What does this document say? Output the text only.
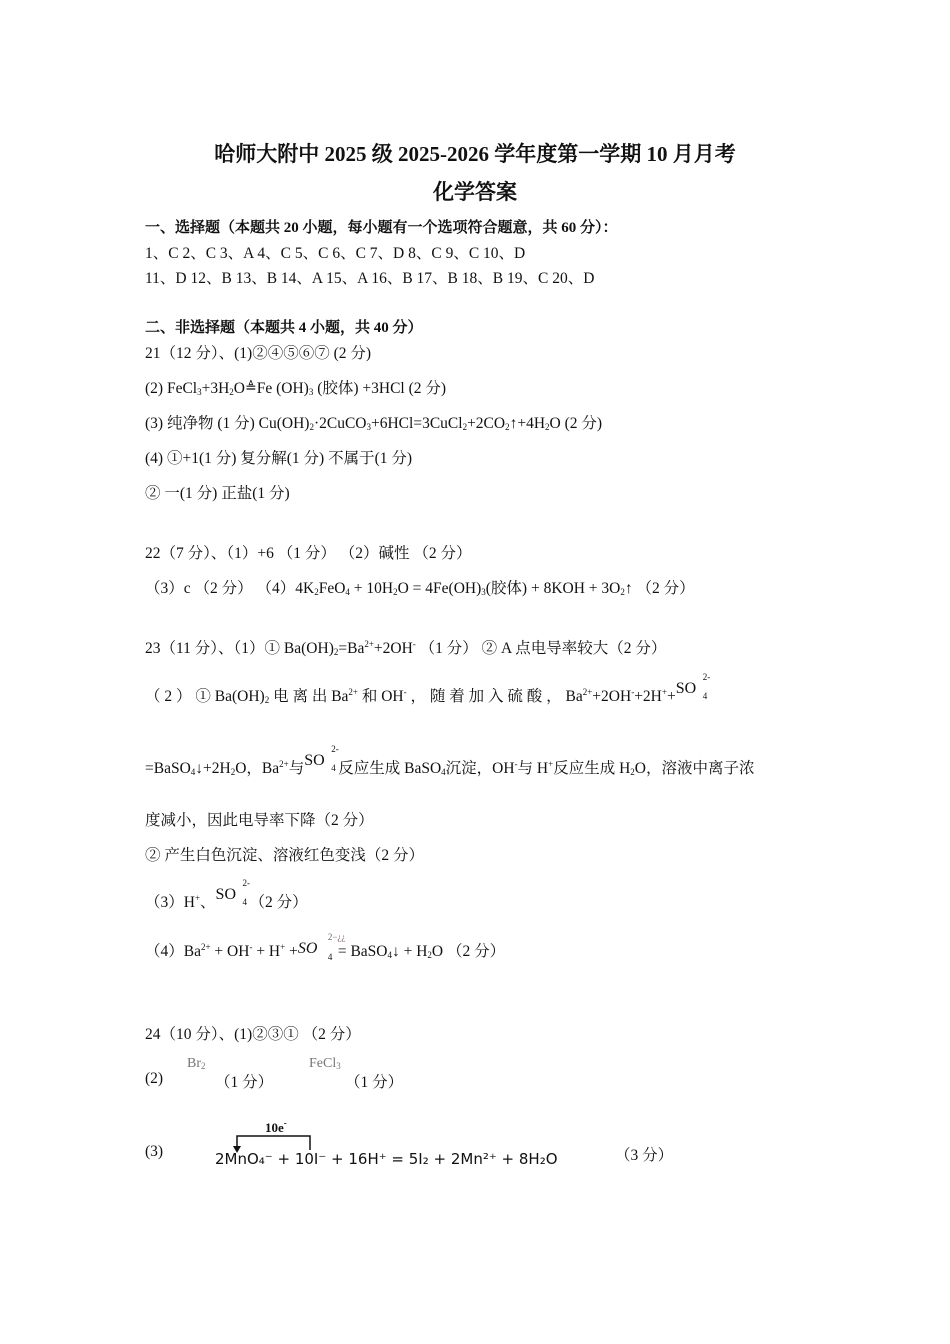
哈师大附中 2025 级 2025-2026 学年度第一学期 10 月月考
化学答案
一、选择题（本题共 20 小题，每小题有一个选项符合题意，共 60 分）：
1、C 2、C 3、A 4、C 5、C 6、C 7、D 8、C 9、C 10、D
11、D 12、B 13、B 14、A 15、A 16、B 17、B 18、B 19、C 20、D
二、非选择题（本题共 4 小题，共 40 分）
21（12 分）、(1)②④⑤⑥⑦ (2 分)
(2) $FeCl_3+3H_2O≜Fe$ $(OH)_3$ (胶体) +3HCl (2 分)
(3) 纯净物 (1 分) $Cu(OH)_2\cdot 2CuCO_3+6HCl=3CuCl_2+2CO_2↑+4H_2O$ (2 分)
(4) ①+1(1 分) 复分解(1 分) 不属于(1 分)
② 一(1 分) 正盐(1 分)
22（7 分）、（1）+6 （1 分） （2）碱性 （2 分）
（3）c （2 分） $(4)4K_2FeO_4 + 10H_2O = 4Fe(OH)_3$(胶体) + $8KOH + 3O_2↑$ （2 分）
23（11 分）、（1）① $Ba(OH)_2=Ba^{2+}+2OH^-$ （1 分） ② A 点电导率较大（2 分）
（ 2 ） ① $Ba(OH)_2$ 电 离 出 $Ba^{2+}$ 和 OH- ， 随 着 加 入 硫 酸 ， $Ba^{2+}+2OH^-+2H^++$ SO
2-
4
$=BaSO_4↓+2H_2O$，$Ba^{2+}$与 SO
2-
4 反应生成 BaSO$_4$沉淀，OH-与 H+反应生成 $H_2O$，溶液中离子浓
度减小，因此电导率下降（2 分）
② 产生白色沉淀、溶液红色变浅（2 分）
（3）H+、 SO
2-
4 （2 分）
$(4)Ba^{2+} + OH^- + H^+$ + SO
2−¿¿
4 = BaSO$_4$↓ + $H_2O$ （2 分）
24（10 分）、(1)②③① （2 分）
(2)
$Br_2$
（1 分）
FeCl$_3$
（1 分）
(3)
10e-
2MnO₄⁻ + 10I⁻ + 16H⁺ = 5I₂ + 2Mn²⁺ + 8H₂O	（3 分）
